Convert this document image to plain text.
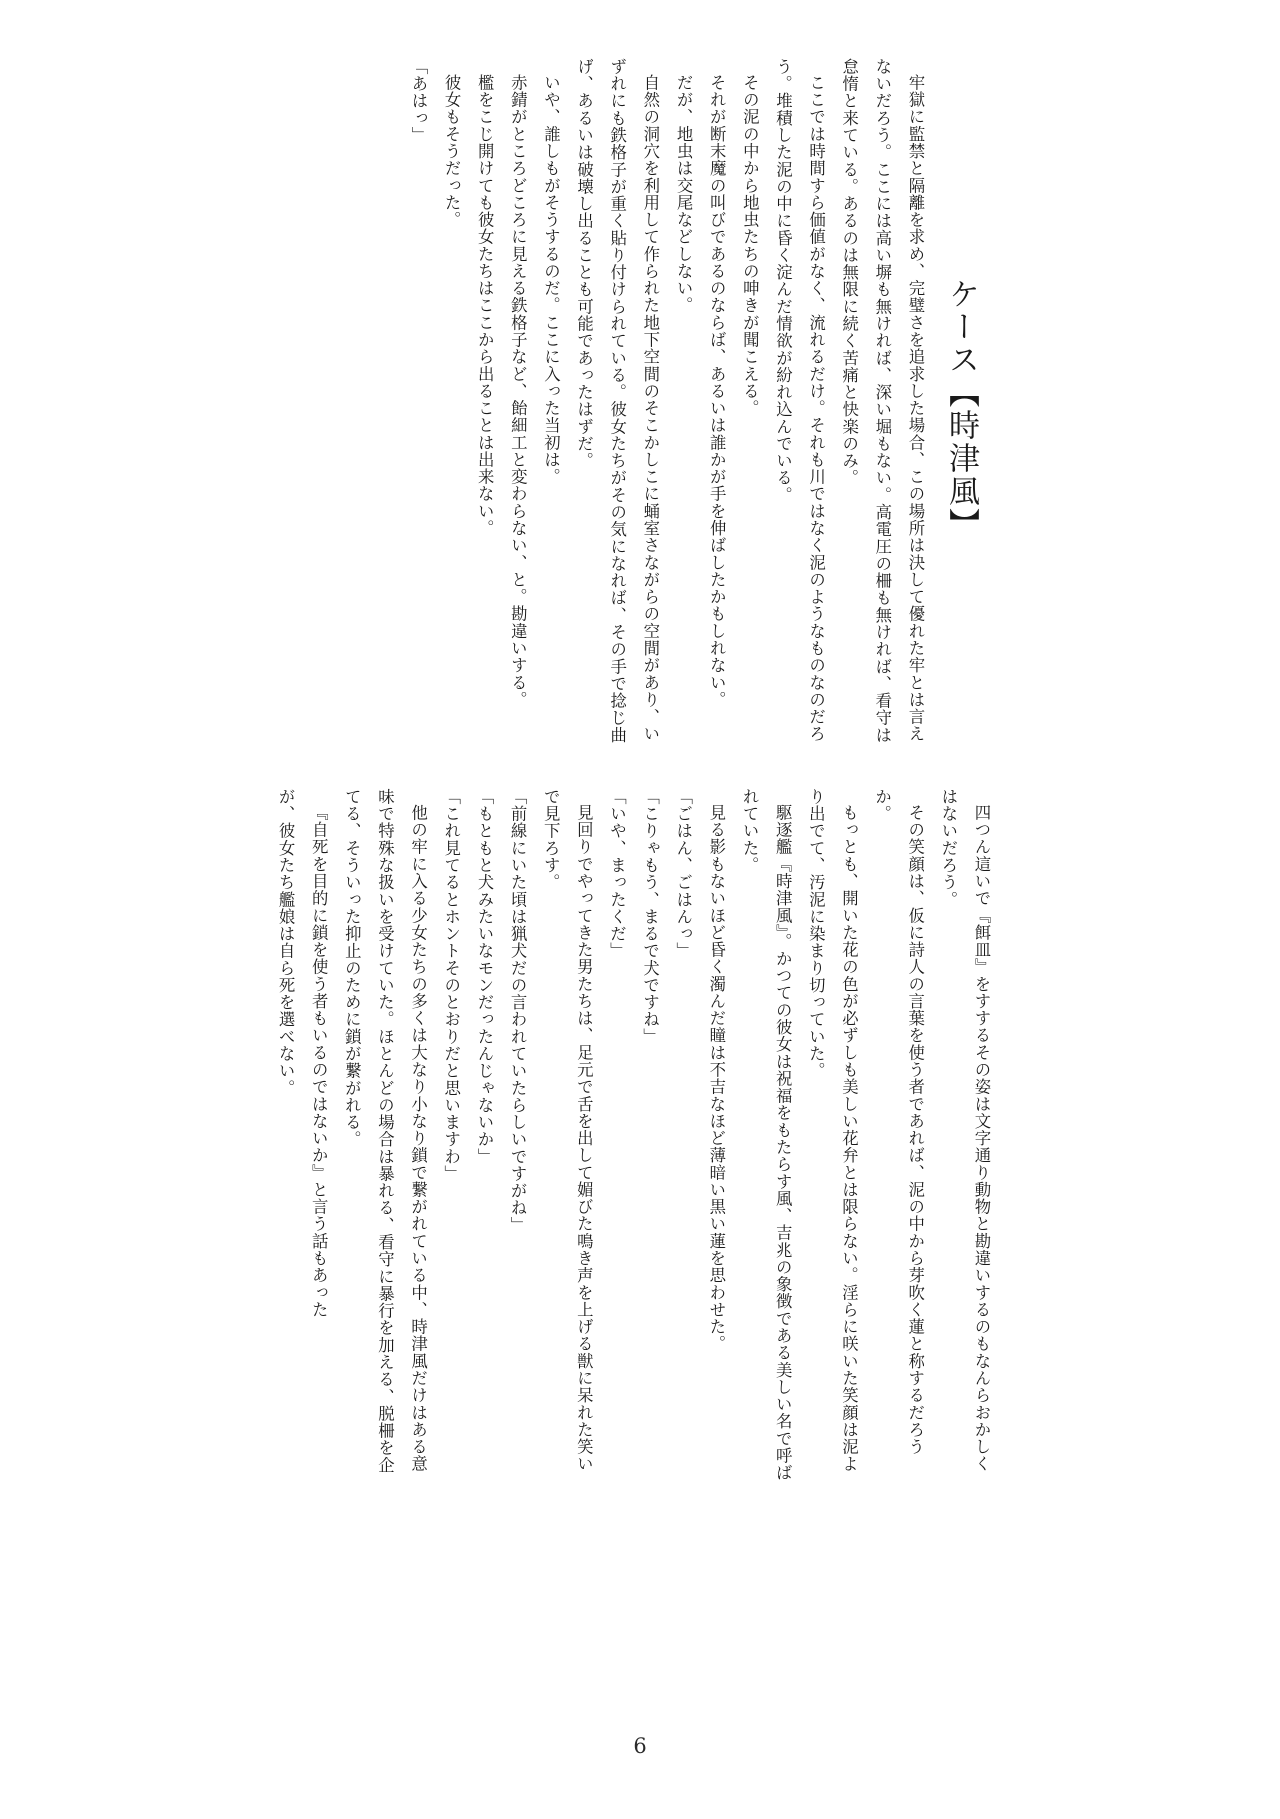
ケース【時津風】

牢獄に監禁と隔離を求め、完璧さを追求した場合、この場所は決して優れた牢とは言えないだろう。ここには高い塀も無ければ、深い堀もない。高電圧の柵も無ければ、看守は怠惰と来ている。あるのは無限に続く苦痛と快楽のみ。

ここでは時間すら価値がなく、流れるだけ。それも川ではなく泥のようなものなのだろう。堆積した泥の中に昏く淀んだ情欲が紛れ込んでいる。

その泥の中から地虫たちの呻きが聞こえる。

それが断末魔の叫びであるのならば、あるいは誰かが手を伸ばしたかもしれない。

だが、地虫は交尾などしない。

自然の洞穴を利用して作られた地下空間のそこかしこに蛹室さながらの空間があり、いずれにも鉄格子が重く貼り付けられている。彼女たちがその気になれば、その手で捻じ曲げ、あるいは破壊し出ることも可能であったはずだ。

いや、誰しもがそうするのだ。ここに入った当初は。

赤錆がところどころに見える鉄格子など、飴細工と変わらない、と。勘違いする。

檻をこじ開けても彼女たちはここから出ることは出来ない。

彼女もそうだった。

「あはっ」

四つん這いで『餌皿』をすするその姿は文字通り動物と勘違いするのもなんらおかしくはないだろう。

その笑顔は、仮に詩人の言葉を使う者であれば、泥の中から芽吹く蓮と称するだろうか。

もっとも、開いた花の色が必ずしも美しい花弁とは限らない。淫らに咲いた笑顔は泥より出でて、汚泥に染まり切っていた。

駆逐艦『時津風』。かつての彼女は祝福をもたらす風、吉兆の象徴である美しい名で呼ばれていた。

見る影もないほど昏く濁んだ瞳は不吉なほど薄暗い黒い蓮を思わせた。

「ごはん、ごはんっ」

「こりゃもう、まるで犬ですね」

「いや、まったくだ」

見回りでやってきた男たちは、足元で舌を出して媚びた鳴き声を上げる獣に呆れた笑いで見下ろす。

「前線にいた頃は猟犬だの言われていたらしいですがね」

「もともと犬みたいなモンだったんじゃないか」

「これ見てるとホントそのとおりだと思いますわ」

他の牢に入る少女たちの多くは大なり小なり鎖で繋がれている中、時津風だけはある意味で特殊な扱いを受けていた。ほとんどの場合は暴れる、看守に暴行を加える、脱柵を企てる、そういった抑止のために鎖が繋がれる。

『自死を目的に鎖を使う者もいるのではないか』と言う話もあった

が、彼女たち艦娘は自ら死を選べない。

6
